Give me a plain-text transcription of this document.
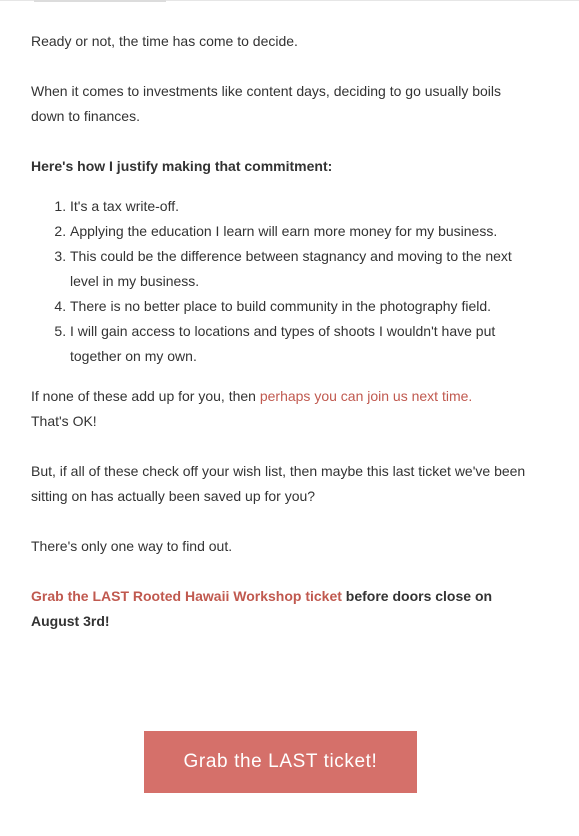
Ready or not, the time has come to decide.

When it comes to investments like content days, deciding to go usually boils down to finances.

Here's how I justify making that commitment:

1. It's a tax write-off.
2. Applying the education I learn will earn more money for my business.
3. This could be the difference between stagnancy and moving to the next level in my business.
4. There is no better place to build community in the photography field.
5. I will gain access to locations and types of shoots I wouldn't have put together on my own.

If none of these add up for you, then perhaps you can join us next time.
That's OK!

But, if all of these check off your wish list, then maybe this last ticket we've been sitting on has actually been saved up for you?

There's only one way to find out.

Grab the LAST Rooted Hawaii Workshop ticket before doors close on August 3rd!

Grab the LAST ticket!
